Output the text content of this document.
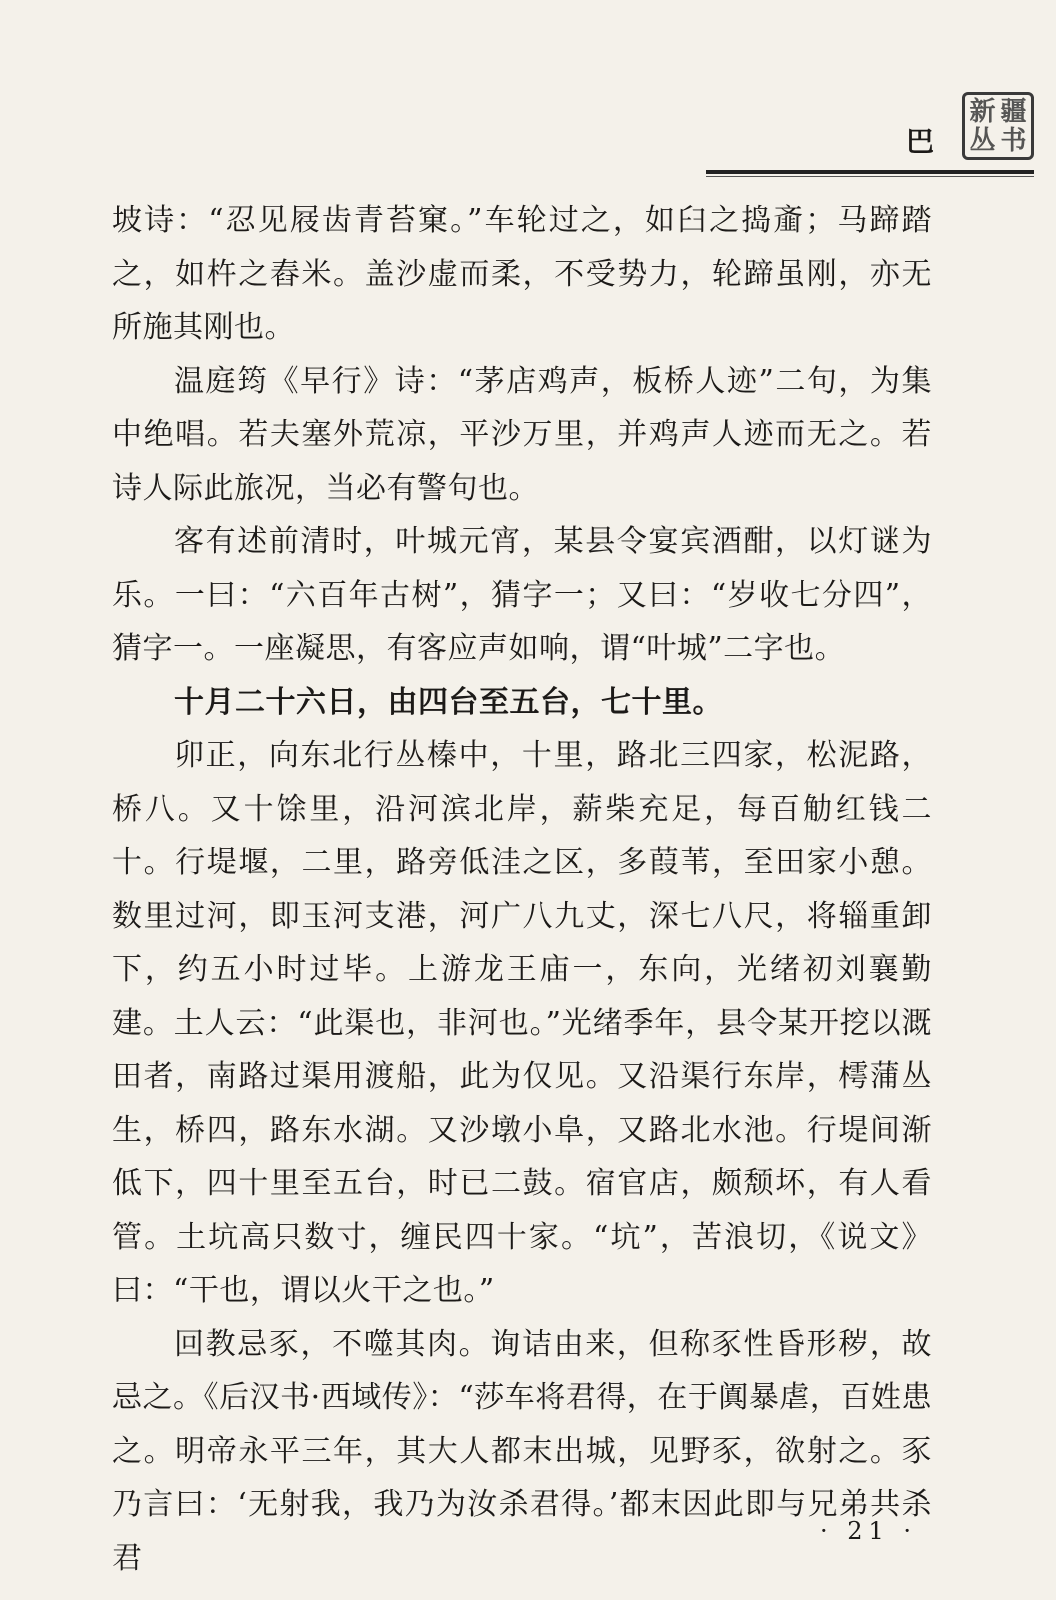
新 疆
丛 书
巴

坡诗：“忍见屐齿青苔窠。”车轮过之，如臼之捣齑；马蹄踏之，如杵之舂米。盖沙虚而柔，不受势力，轮蹄虽刚，亦无所施其刚也。

温庭筠《早行》诗：“茅店鸡声，板桥人迹”二句，为集中绝唱。若夫塞外荒凉，平沙万里，并鸡声人迹而无之。若诗人际此旅况，当必有警句也。

客有述前清时，叶城元宵，某县令宴宾酒酣，以灯谜为乐。一曰：“六百年古树”，猜字一；又曰：“岁收七分四”，猜字一。一座凝思，有客应声如响，谓“叶城”二字也。

十月二十六日，由四台至五台，七十里。

卯正，向东北行丛榛中，十里，路北三四家，松泥路，桥八。又十馀里，沿河滨北岸，薪柴充足，每百觔红钱二十。行堤堰，二里，路旁低洼之区，多葭苇，至田家小憩。数里过河，即玉河支港，河广八九丈，深七八尺，将辎重卸下，约五小时过毕。上游龙王庙一，东向，光绪初刘襄勤建。土人云：“此渠也，非河也。”光绪季年，县令某开挖以溉田者，南路过渠用渡船，此为仅见。又沿渠行东岸，樗蒲丛生，桥四，路东水湖。又沙墩小阜，又路北水池。行堤间渐低下，四十里至五台，时已二鼓。宿官店，颇颓坏，有人看管。土坑高只数寸，缠民四十家。“坑”，苦浪切，《说文》曰：“干也，谓以火干之也。”

回教忌豕，不噬其肉。询诘由来，但称豕性昏形秽，故忌之。《后汉书·西域传》：“莎车将君得，在于阗暴虐，百姓患之。明帝永平三年，其大人都末出城，见野豕，欲射之。豕乃言曰：‘无射我，我乃为汝杀君得。’都末因此即与兄弟共杀君

· 21 ·
